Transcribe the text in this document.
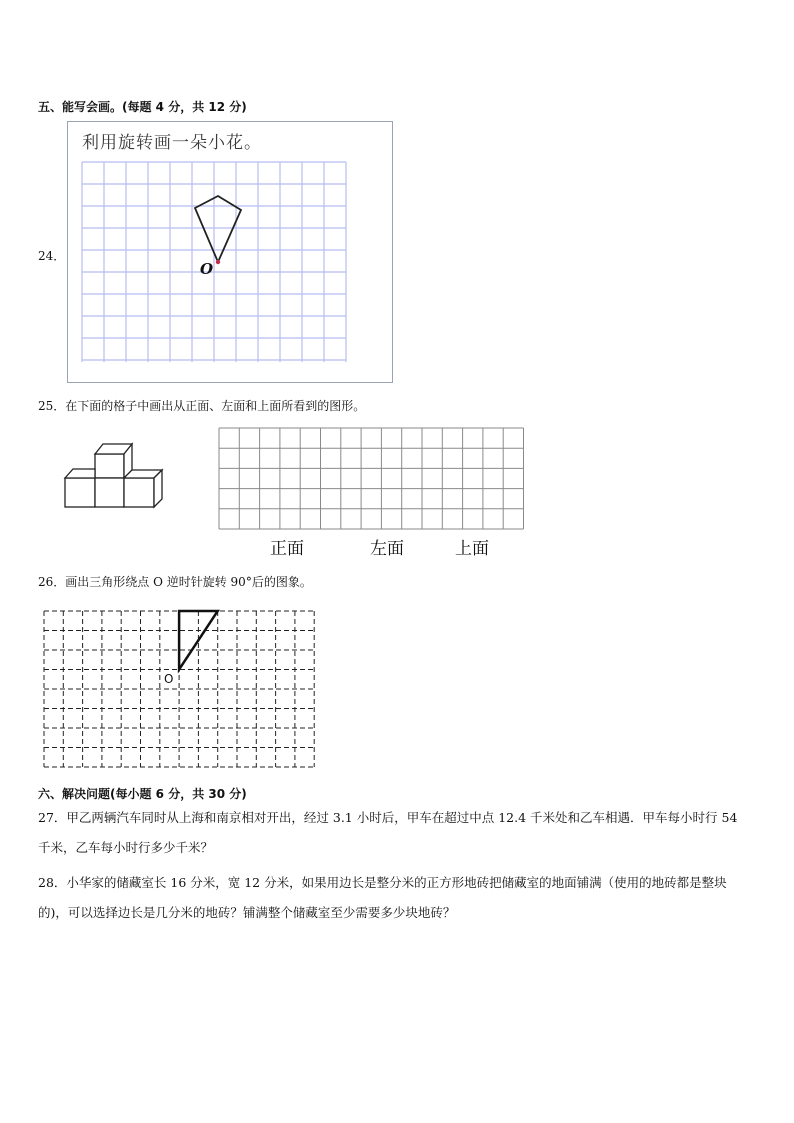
五、能写会画。(每题 4 分，共 12 分)
24．
利用旋转画一朵小花。
O
25．在下面的格子中画出从正面、左面和上面所看到的图形。
正面	左面	上面
26．画出三角形绕点 O 逆时针旋转 90°后的图象。
O
六、解决问题(每小题 6 分，共 30 分)
27．甲乙两辆汽车同时从上海和南京相对开出，经过 3.1 小时后，甲车在超过中点 12.4 千米处和乙车相遇．甲车每小时行 54 千米，乙车每小时行多少千米？
28．小华家的储藏室长 16 分米，宽 12 分米，如果用边长是整分米的正方形地砖把储藏室的地面铺满（使用的地砖都是整块的)，可以选择边长是几分米的地砖？铺满整个储藏室至少需要多少块地砖？
